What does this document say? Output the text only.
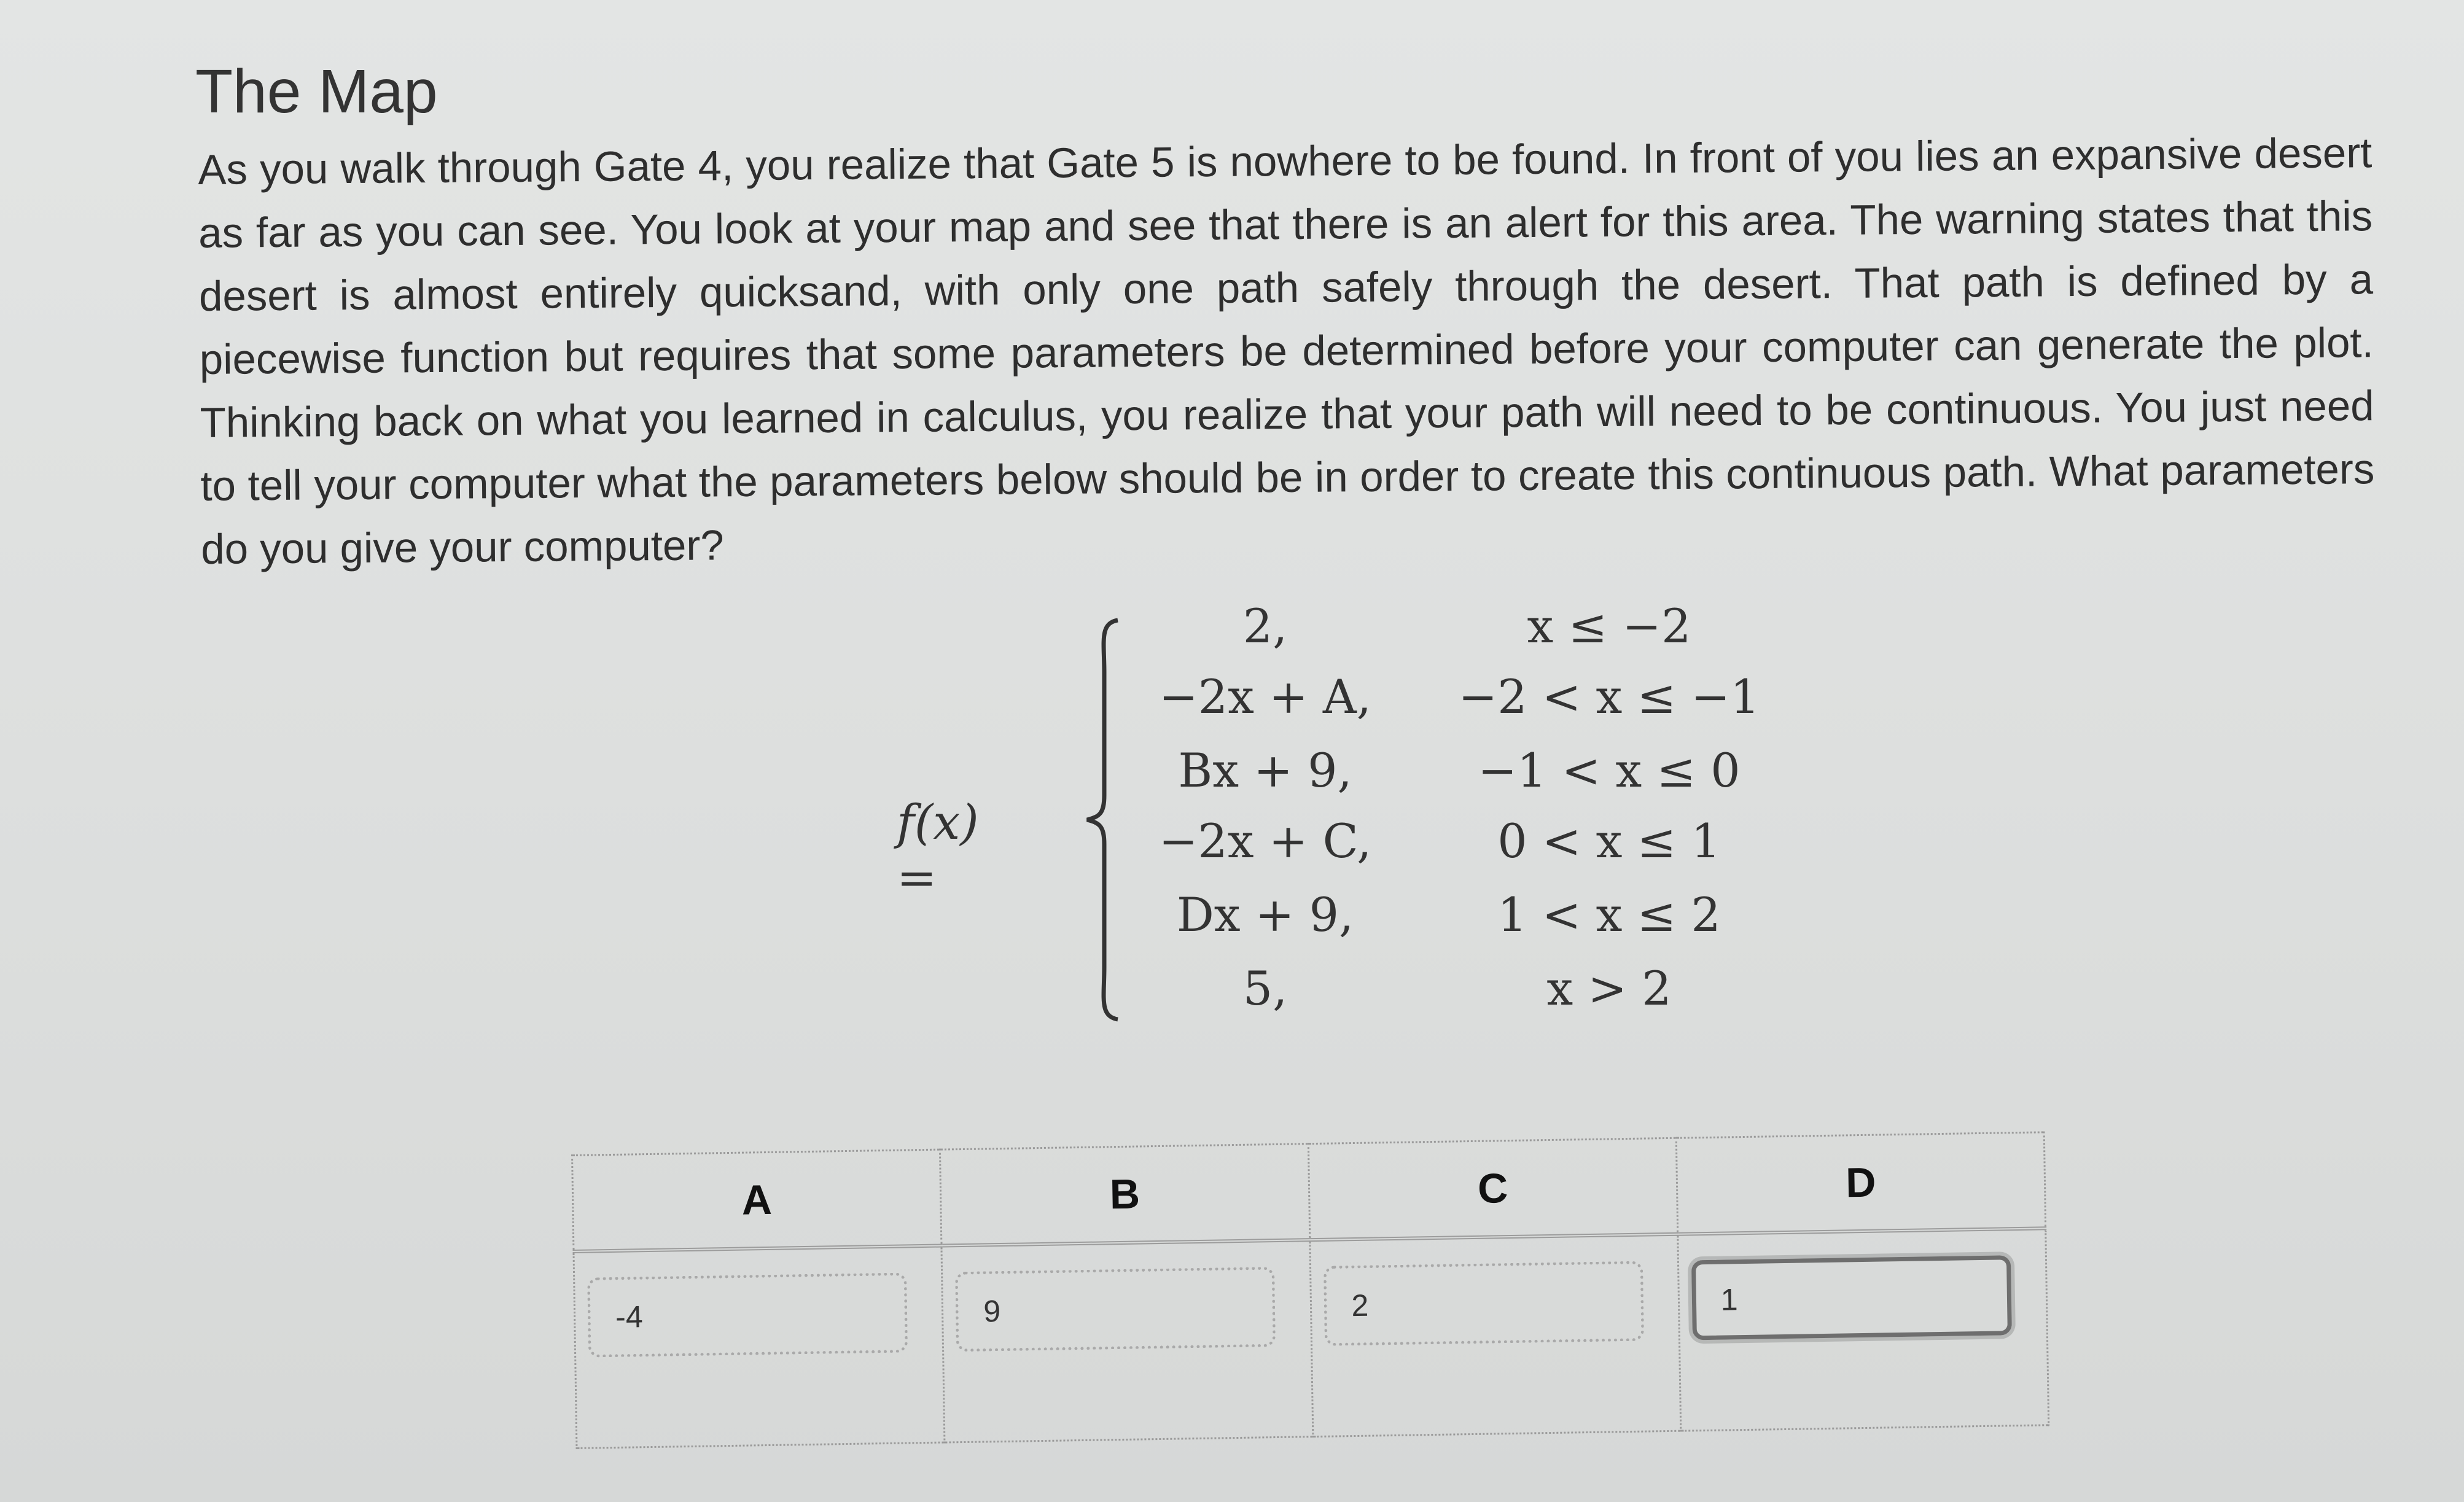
The Map
As you walk through Gate 4, you realize that Gate 5 is nowhere to be found. In front of you lies an expansive desert as far as you can see. You look at your map and see that there is an alert for this area. The warning states that this desert is almost entirely quicksand, with only one path safely through the desert. That path is defined by a piecewise function but requires that some parameters be determined before your computer can generate the plot. Thinking back on what you learned in calculus, you realize that your path will need to be continuous. You just need to tell your computer what the parameters below should be in order to create this continuous path. What parameters do you give your computer?
f(x) =
2,	x ≤ −2
−2x + A,	−2 < x ≤ −1
Bx + 9,	−1 < x ≤ 0
−2x + C,	0 < x ≤ 1
Dx + 9,	1 < x ≤ 2
5,	x > 2
A	B	C	D
-4	9	2	1
